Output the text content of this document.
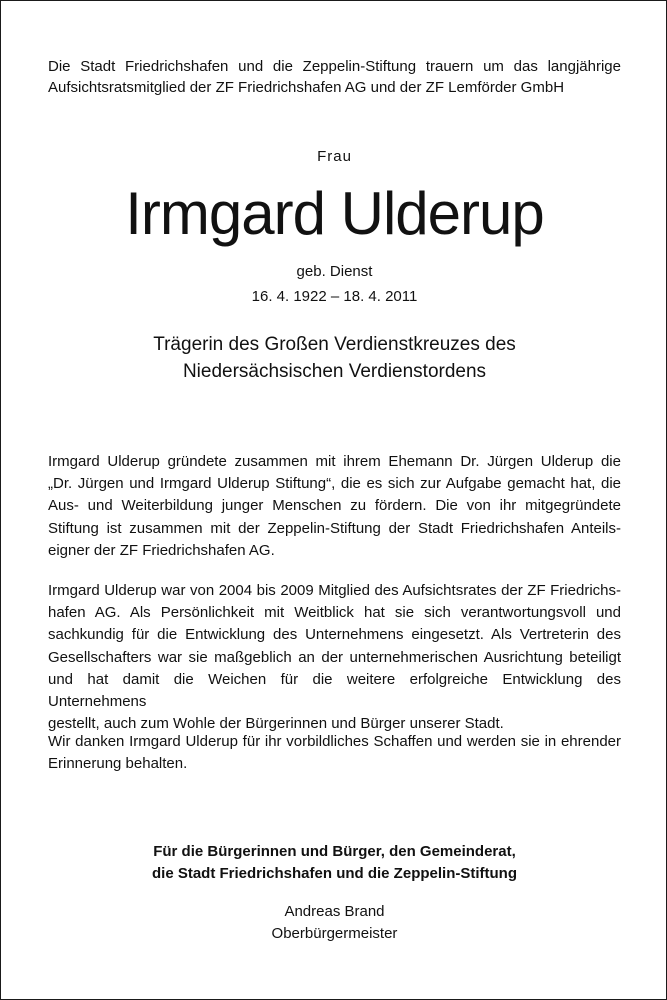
Die Stadt Friedrichshafen und die Zeppelin-Stiftung trauern um das langjährige
Aufsichtsratsmitglied der ZF Friedrichshafen AG und der ZF Lemförder GmbH

Frau

Irmgard Ulderup

geb. Dienst

16. 4. 1922 – 18. 4. 2011

Trägerin des Großen Verdienstkreuzes des
Niedersächsischen Verdienstordens

Irmgard Ulderup gründete zusammen mit ihrem Ehemann Dr. Jürgen Ulderup die
„Dr. Jürgen und Irmgard Ulderup Stiftung“, die es sich zur Aufgabe gemacht hat, die
Aus- und Weiterbildung junger Menschen zu fördern. Die von ihr mitgegründete
Stiftung ist zusammen mit der Zeppelin-Stiftung der Stadt Friedrichshafen Anteils-
eigner der ZF Friedrichshafen AG.
Irmgard Ulderup war von 2004 bis 2009 Mitglied des Aufsichtsrates der ZF Friedrichs-
hafen AG. Als Persönlichkeit mit Weitblick hat sie sich verantwortungsvoll und
sachkundig für die Entwicklung des Unternehmens eingesetzt. Als Vertreterin des
Gesellschafters war sie maßgeblich an der unternehmerischen Ausrichtung beteiligt
und hat damit die Weichen für die weitere erfolgreiche Entwicklung des Unternehmens
gestellt, auch zum Wohle der Bürgerinnen und Bürger unserer Stadt.
Wir danken Irmgard Ulderup für ihr vorbildliches Schaffen und werden sie in ehrender
Erinnerung behalten.

Für die Bürgerinnen und Bürger, den Gemeinderat,
die Stadt Friedrichshafen und die Zeppelin-Stiftung

Andreas Brand
Oberbürgermeister
